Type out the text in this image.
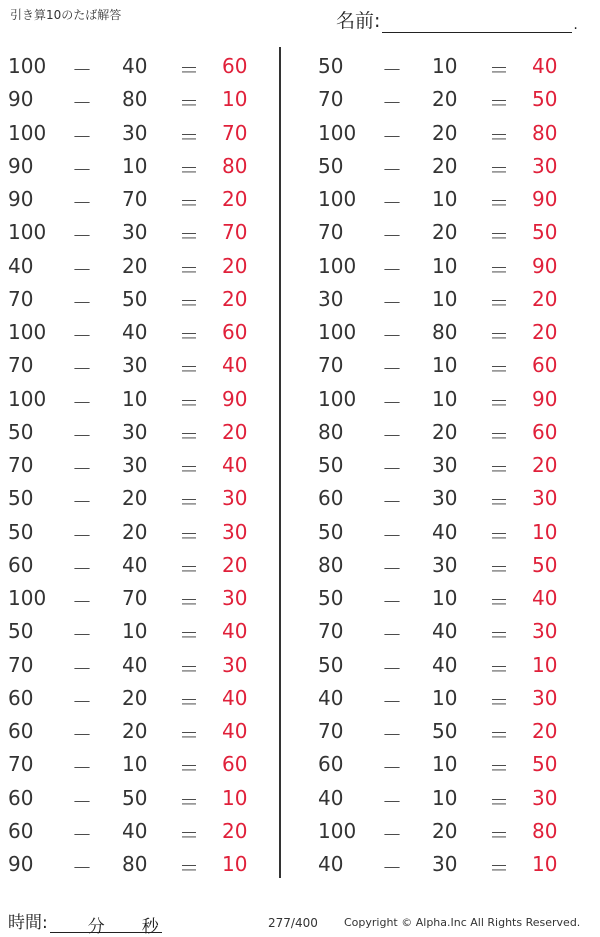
引き算10のたば解答	名前:	.
100 － 40	＝ 60
90	－ 80	＝ 10
100 － 30	＝ 70
90	－ 10	＝ 80
90	－ 70	＝ 20
100 － 30	＝ 70
40	－ 20	＝ 20
70	－ 50	＝ 20
100 － 40	＝ 60
70	－ 30	＝ 40
100 － 10	＝ 90
50	－ 30	＝ 20
70	－ 30	＝ 40
50	－ 20	＝ 30
50	－ 20	＝ 30
60	－ 40	＝ 20
100 － 70	＝ 30
50	－ 10	＝ 40
70	－ 40	＝ 30
60	－ 20	＝ 40
60	－ 20	＝ 40
70	－ 10	＝ 60
60	－ 50	＝ 10
60	－ 40	＝ 20
90	－ 80	＝ 10
50	－ 10	＝ 40
70	－ 20	＝ 50
100 － 20	＝ 80
50	－ 20	＝ 30
100 － 10	＝ 90
70	－ 20	＝ 50
100 － 10	＝ 90
30	－ 10	＝ 20
100 － 80	＝ 20
70	－ 10	＝ 60
100 － 10	＝ 90
80	－ 20	＝ 60
50	－ 30	＝ 20
60	－ 30	＝ 30
50	－ 40	＝ 10
80	－ 30	＝ 50
50	－ 10	＝ 40
70	－ 40	＝ 30
50	－ 40	＝ 10
40	－ 10	＝ 30
70	－ 50	＝ 20
60	－ 10	＝ 50
40	－ 10	＝ 30
100 － 20	＝ 80
40	－ 30	＝ 10
時間: 分 秒	277/400 Copyright © Alpha.Inc All Rights Reserved.
